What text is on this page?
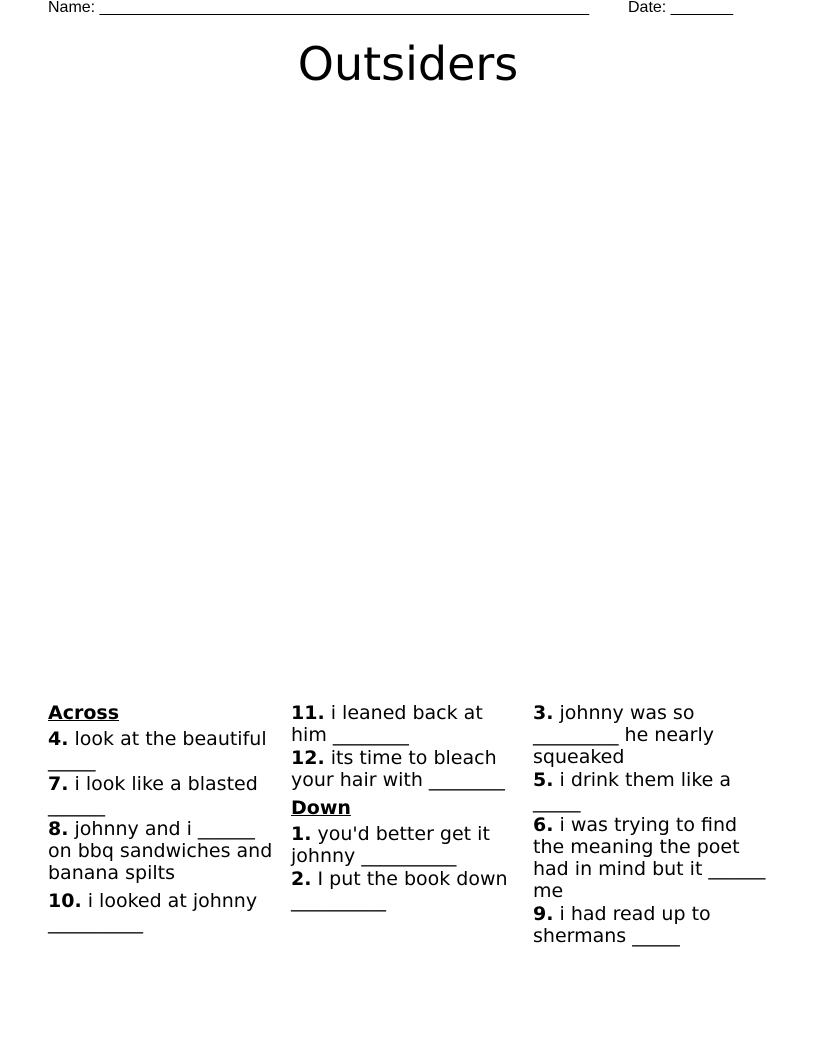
Name: _______________________________________________________ Date: _______
Outsiders
Across
4. look at the beautiful _____
7. i look like a blasted ______
8. johnny and i ______ on bbq sandwiches and banana spilts
10. i looked at johnny __________
11. i leaned back at him ________
12. its time to bleach your hair with ________
Down
1. you'd better get it johnny __________
2. I put the book down __________
3. johnny was so _________ he nearly squeaked
5. i drink them like a _____
6. i was trying to find the meaning the poet had in mind but it ______ me
9. i had read up to shermans _____
